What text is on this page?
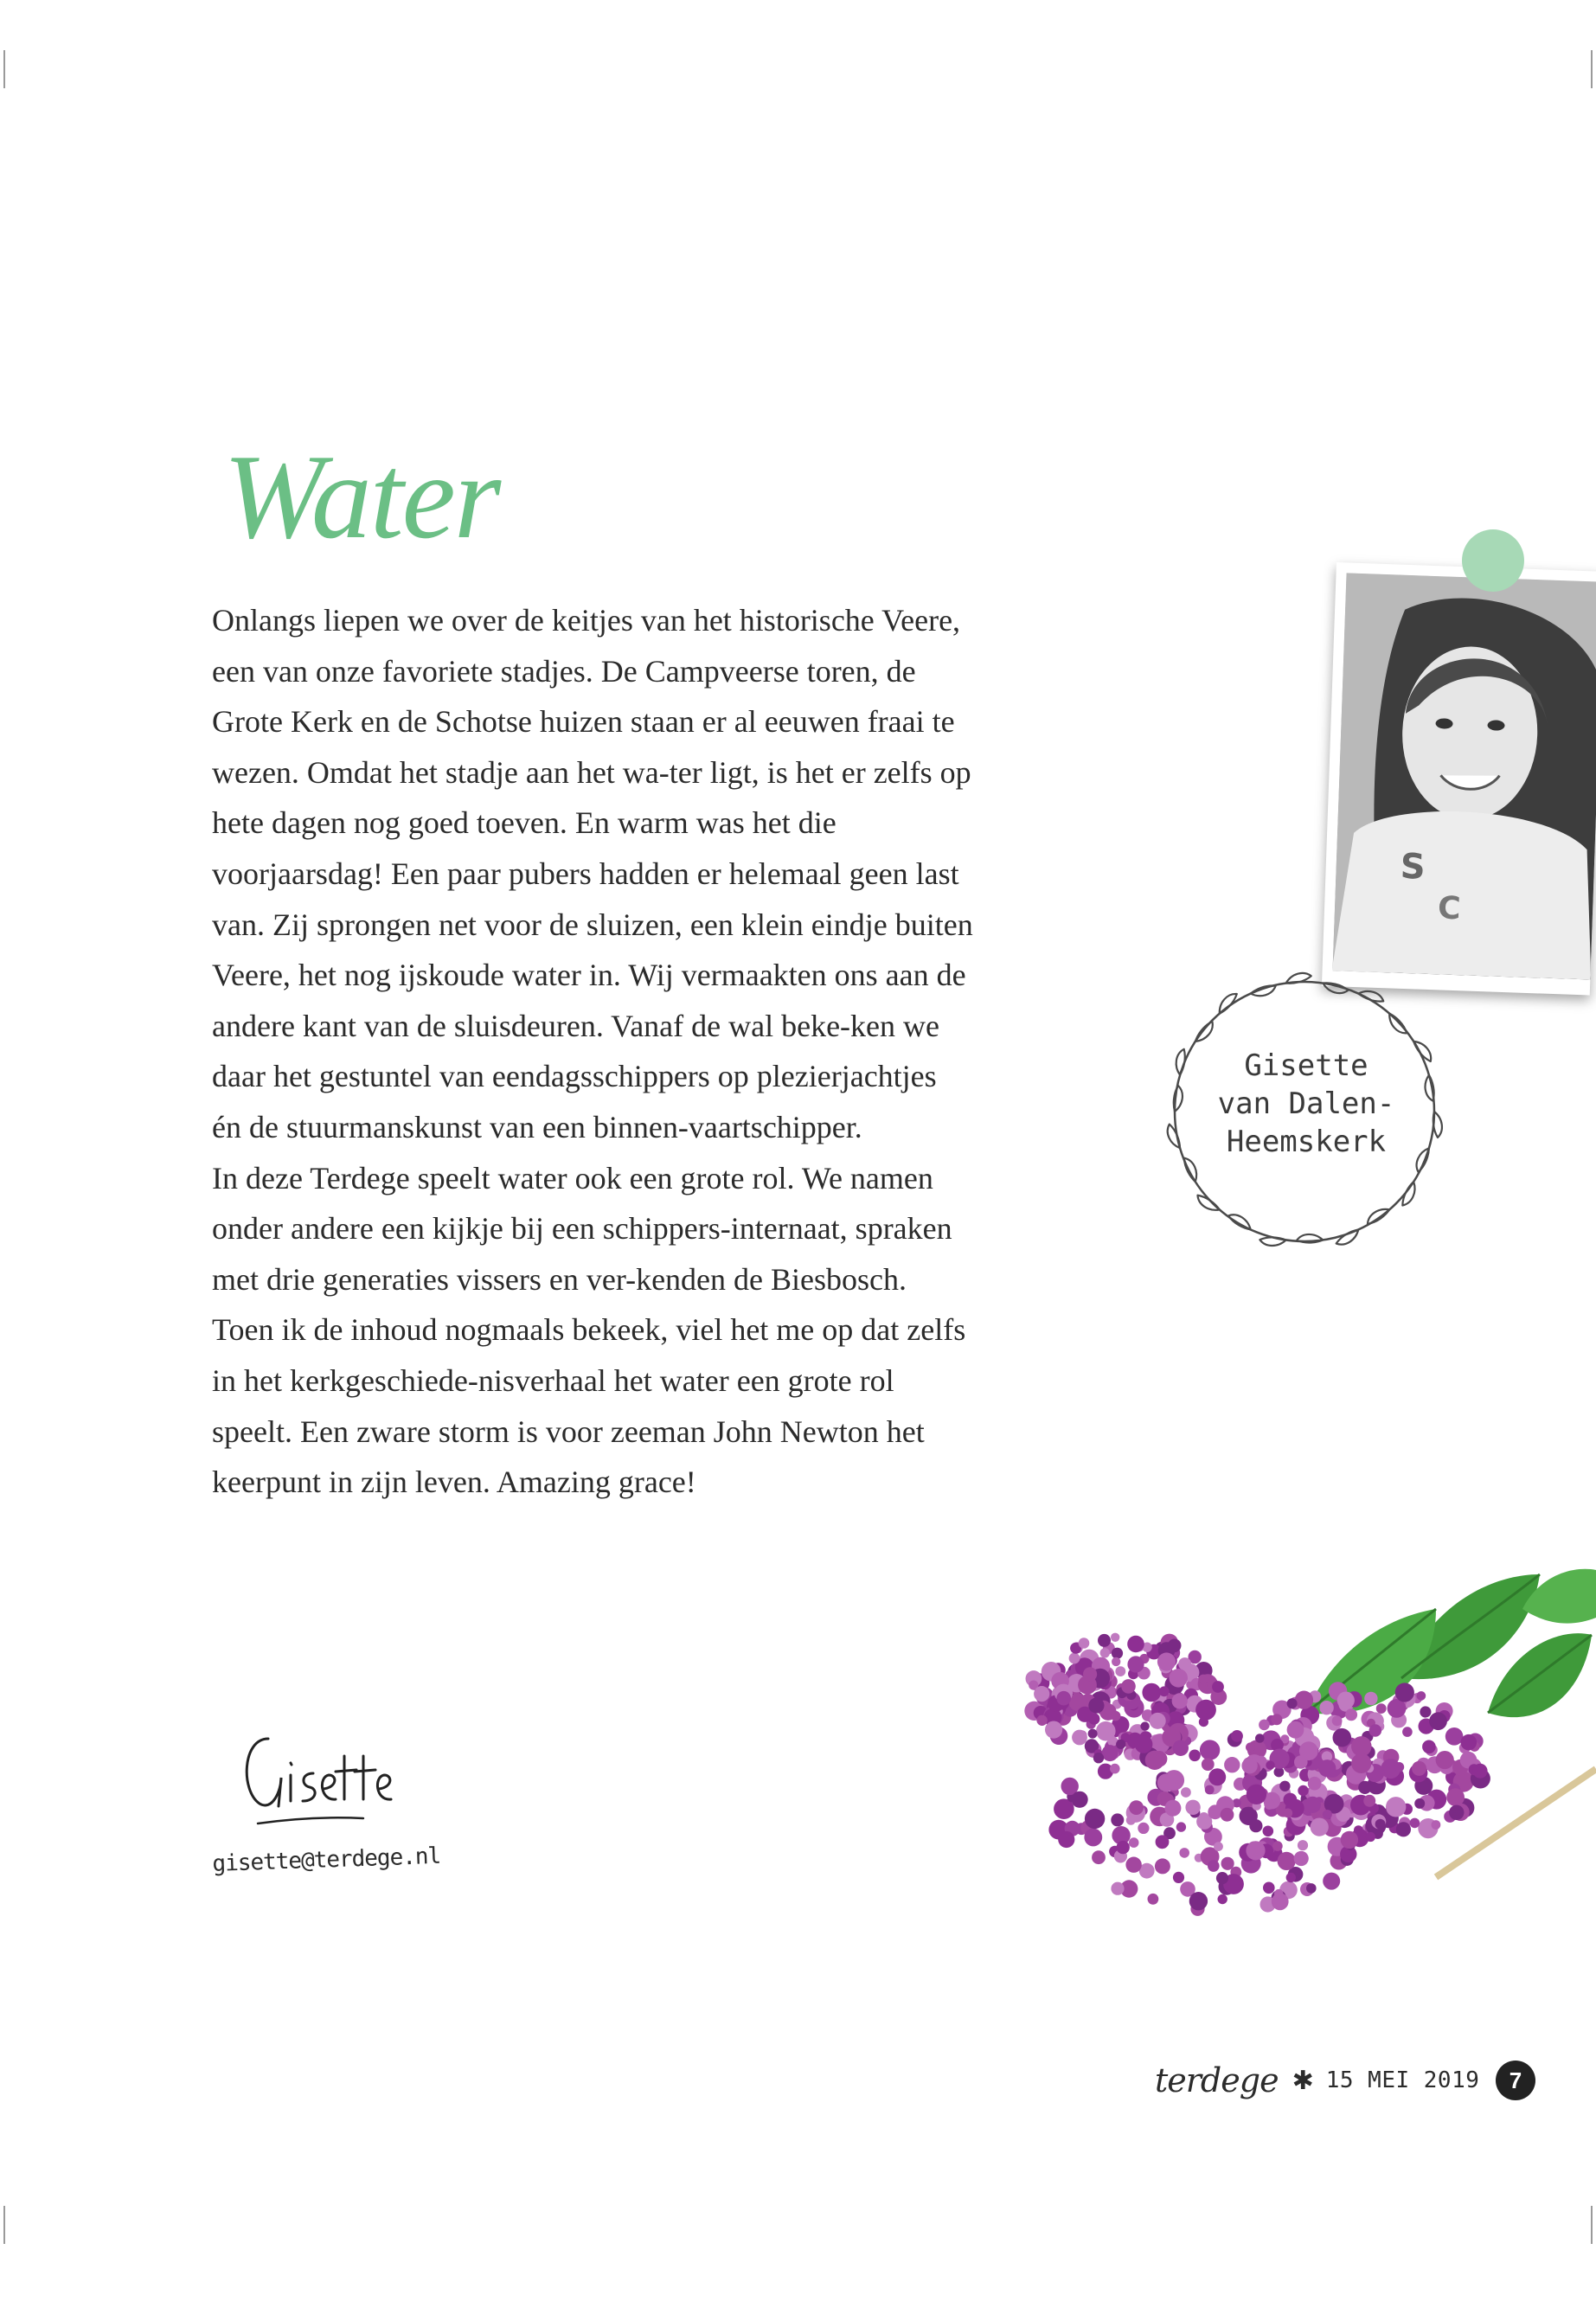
Water

Onlangs liepen we over de keitjes van het historische Veere, een van onze favoriete stadjes. De Campveerse toren, de Grote Kerk en de Schotse huizen staan er al eeuwen fraai te wezen. Omdat het stadje aan het wa-ter ligt, is het er zelfs op hete dagen nog goed toeven. En warm was het die voorjaarsdag! Een paar pubers hadden er helemaal geen last van. Zij sprongen net voor de sluizen, een klein eindje buiten Veere, het nog ijskoude water in. Wij vermaakten ons aan de andere kant van de sluisdeuren. Vanaf de wal beke-ken we daar het gestuntel van eendagsschippers op plezierjachtjes én de stuurmanskunst van een binnen-vaartschipper.

In deze Terdege speelt water ook een grote rol. We namen onder andere een kijkje bij een schippers-internaat, spraken met drie generaties vissers en ver-kenden de Biesbosch. Toen ik de inhoud nogmaals bekeek, viel het me op dat zelfs in het kerkgeschiede-nisverhaal het water een grote rol speelt. Een zware storm is voor zeeman John Newton het keerpunt in zijn leven. Amazing grace!

gisette@terdege.nl
S
C
Gisette
van Dalen-
Heemskerk
terdege ✱ 15 MEI 2019	7
